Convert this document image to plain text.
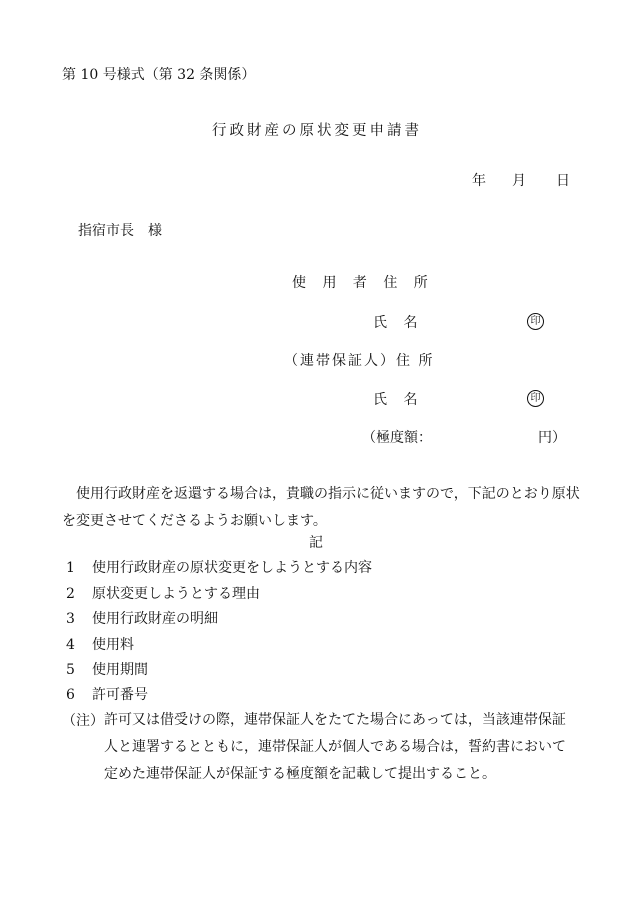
第 10 号様式（第 32 条関係）
行政財産の原状変更申請書
年 月 日
指宿市長　様
使 用 者 住 所
氏 名	印
（連帯保証人）住 所
氏 名	印
（極度額：	円）
使用行政財産を返還する場合は，貴職の指示に従いますので，下記のとおり原状を変更させてくださるようお願いします。
記
1 使用行政財産の原状変更をしようとする内容
2 原状変更しようとする理由
3 使用行政財産の明細
4 使用料
5 使用期間
6 許可番号
（注） 許可又は借受けの際，連帯保証人をたてた場合にあっては，当該連帯保証人と連署するとともに，連帯保証人が個人である場合は，誓約書において定めた連帯保証人が保証する極度額を記載して提出すること。
